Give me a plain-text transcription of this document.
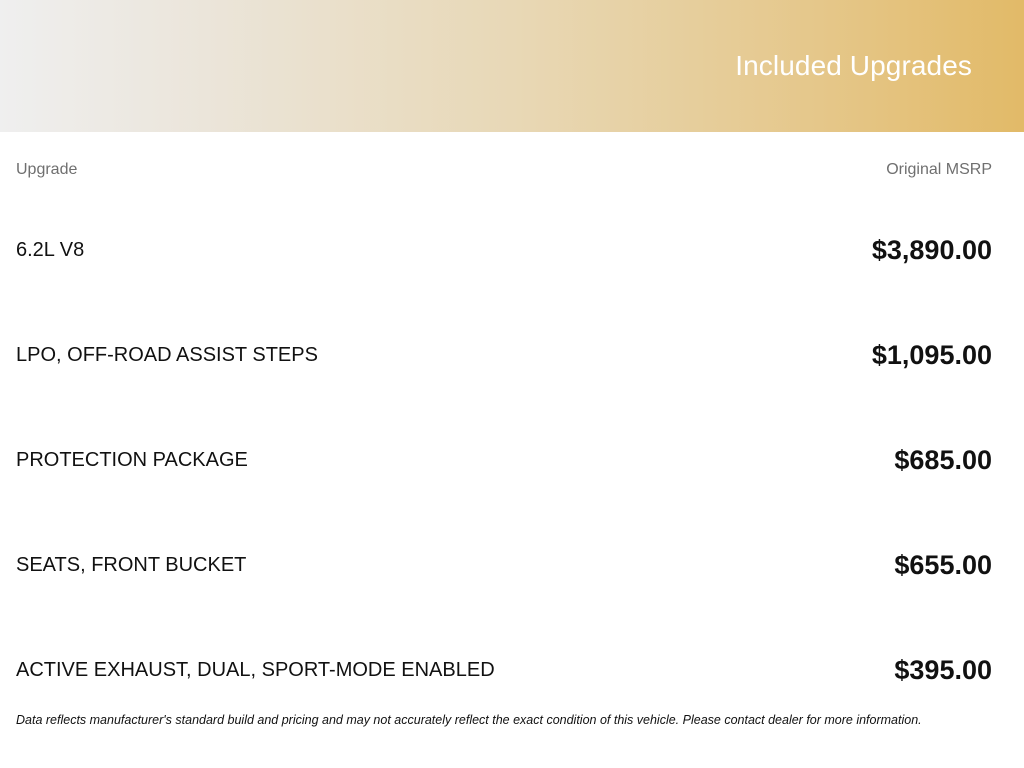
Included Upgrades
Upgrade	Original MSRP
6.2L V8	$3,890.00
LPO, OFF-ROAD ASSIST STEPS	$1,095.00
PROTECTION PACKAGE	$685.00
SEATS, FRONT BUCKET	$655.00
ACTIVE EXHAUST, DUAL, SPORT-MODE ENABLED	$395.00

Data reflects manufacturer's standard build and pricing and may not accurately reflect the exact condition of this vehicle. Please contact dealer for more information.
